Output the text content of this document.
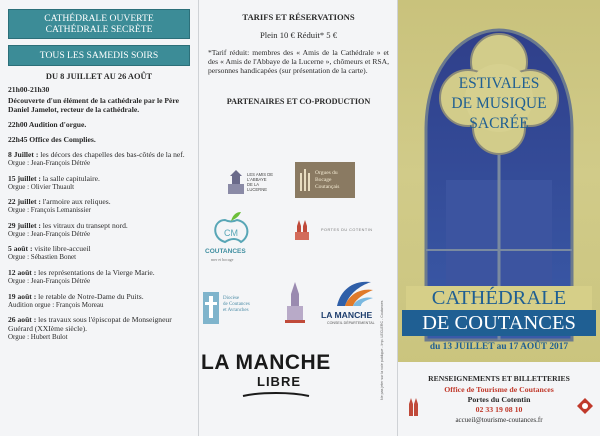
CATHÉDRALE OUVERTE
CATHÉDRALE SECRÈTE
TOUS LES SAMEDIS SOIRS
DU 8 JUILLET AU 26 AOÛT
21h00-21h30
Découverte d'un élément de la cathédrale par le Père Daniel Jamelot, recteur de la cathédrale.
22h00 Audition d'orgue.
22h45 Office des Complies.
8 Juillet : les décors des chapelles des bas-côtés de la nef.
Orgue : Jean-François Détrée
15 juillet : la salle capitulaire.
Orgue : Olivier Thuault
22 juillet : l'armoire aux reliques.
Orgue : François Lemanissier
29 juillet : les vitraux du transept nord.
Orgue : Jean-François Détrée
5 août : visite libre-accueil
Orgue : Sébastien Bonet
12 août : les représentations de la Vierge Marie.
Orgue : Jean-François Détrée
19 août : le retable de Notre-Dame du Puits.
Audition orgue : François Moreau
26 août : les travaux sous l'épiscopat de Monseigneur Guérard (XXIème siècle).
Orgue : Hubert Bulot
TARIFS ET RÉSERVATIONS
Plein 10 € Réduit* 5 €
*Tarif réduit: membres des « Amis de la Cathédrale » et des « Amis de l'Abbaye de la Lucerne », chômeurs et RSA, personnes handicapées (sur présentation de la carte).
PARTENAIRES ET CO-PRODUCTION
LES AMIS DE
L'ABBAYE
DE LA
LUCERNE
Orgues du
Bocage Coutançais
CM
COUTANCES
mer et bocage
PORTES DU COTENTIN
Diocèse
de Coutances
et Avranches	LA MANCHE
CONSEIL DÉPARTEMENTAL
LA MANCHE
LIBRE	Ne pas jeter sur la voie publique - Imp. LECLERC - Coutances
ESTIVALES
DE MUSIQUE
SACRÉE
CATHÉDRALE
DE COUTANCES
du 13 JUILLET au 17 AOÛT 2017
RENSEIGNEMENTS ET BILLETTERIES
Office de Tourisme de Coutances
Portes du Cotentin
02 33 19 08 10
accueil@tourisme-coutances.fr
